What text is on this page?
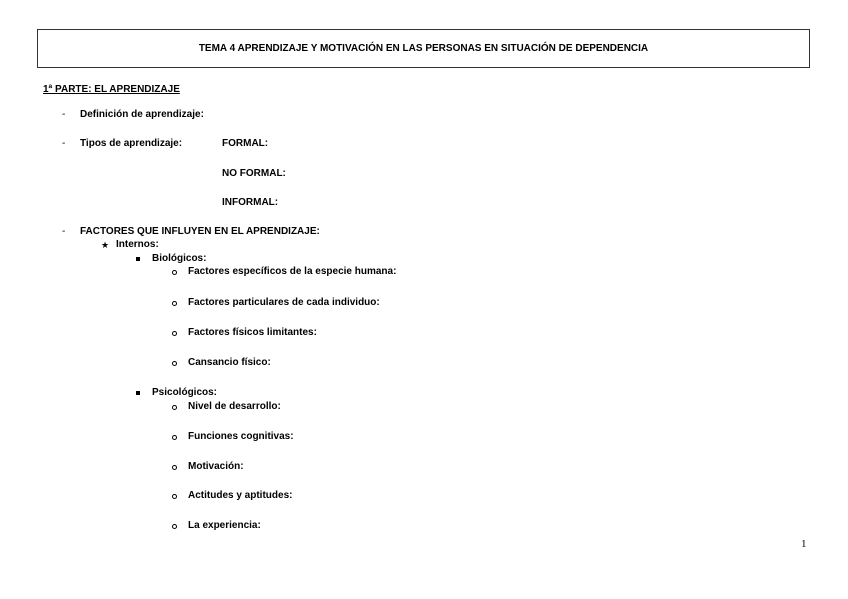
TEMA 4 APRENDIZAJE Y MOTIVACIÓN EN LAS PERSONAS EN SITUACIÓN DE DEPENDENCIA
1ª PARTE: EL APRENDIZAJE
- Definición de aprendizaje:
- Tipos de aprendizaje:	FORMAL:
NO FORMAL:
INFORMAL:
- FACTORES QUE INFLUYEN EN EL APRENDIZAJE:
★ Internos:
Biológicos:
Factores específicos de la especie humana:
Factores particulares de cada individuo:
Factores físicos limitantes:
Cansancio físico:
Psicológicos:
Nivel de desarrollo:
Funciones cognitivas:
Motivación:
Actitudes y aptitudes:
La experiencia:
1
